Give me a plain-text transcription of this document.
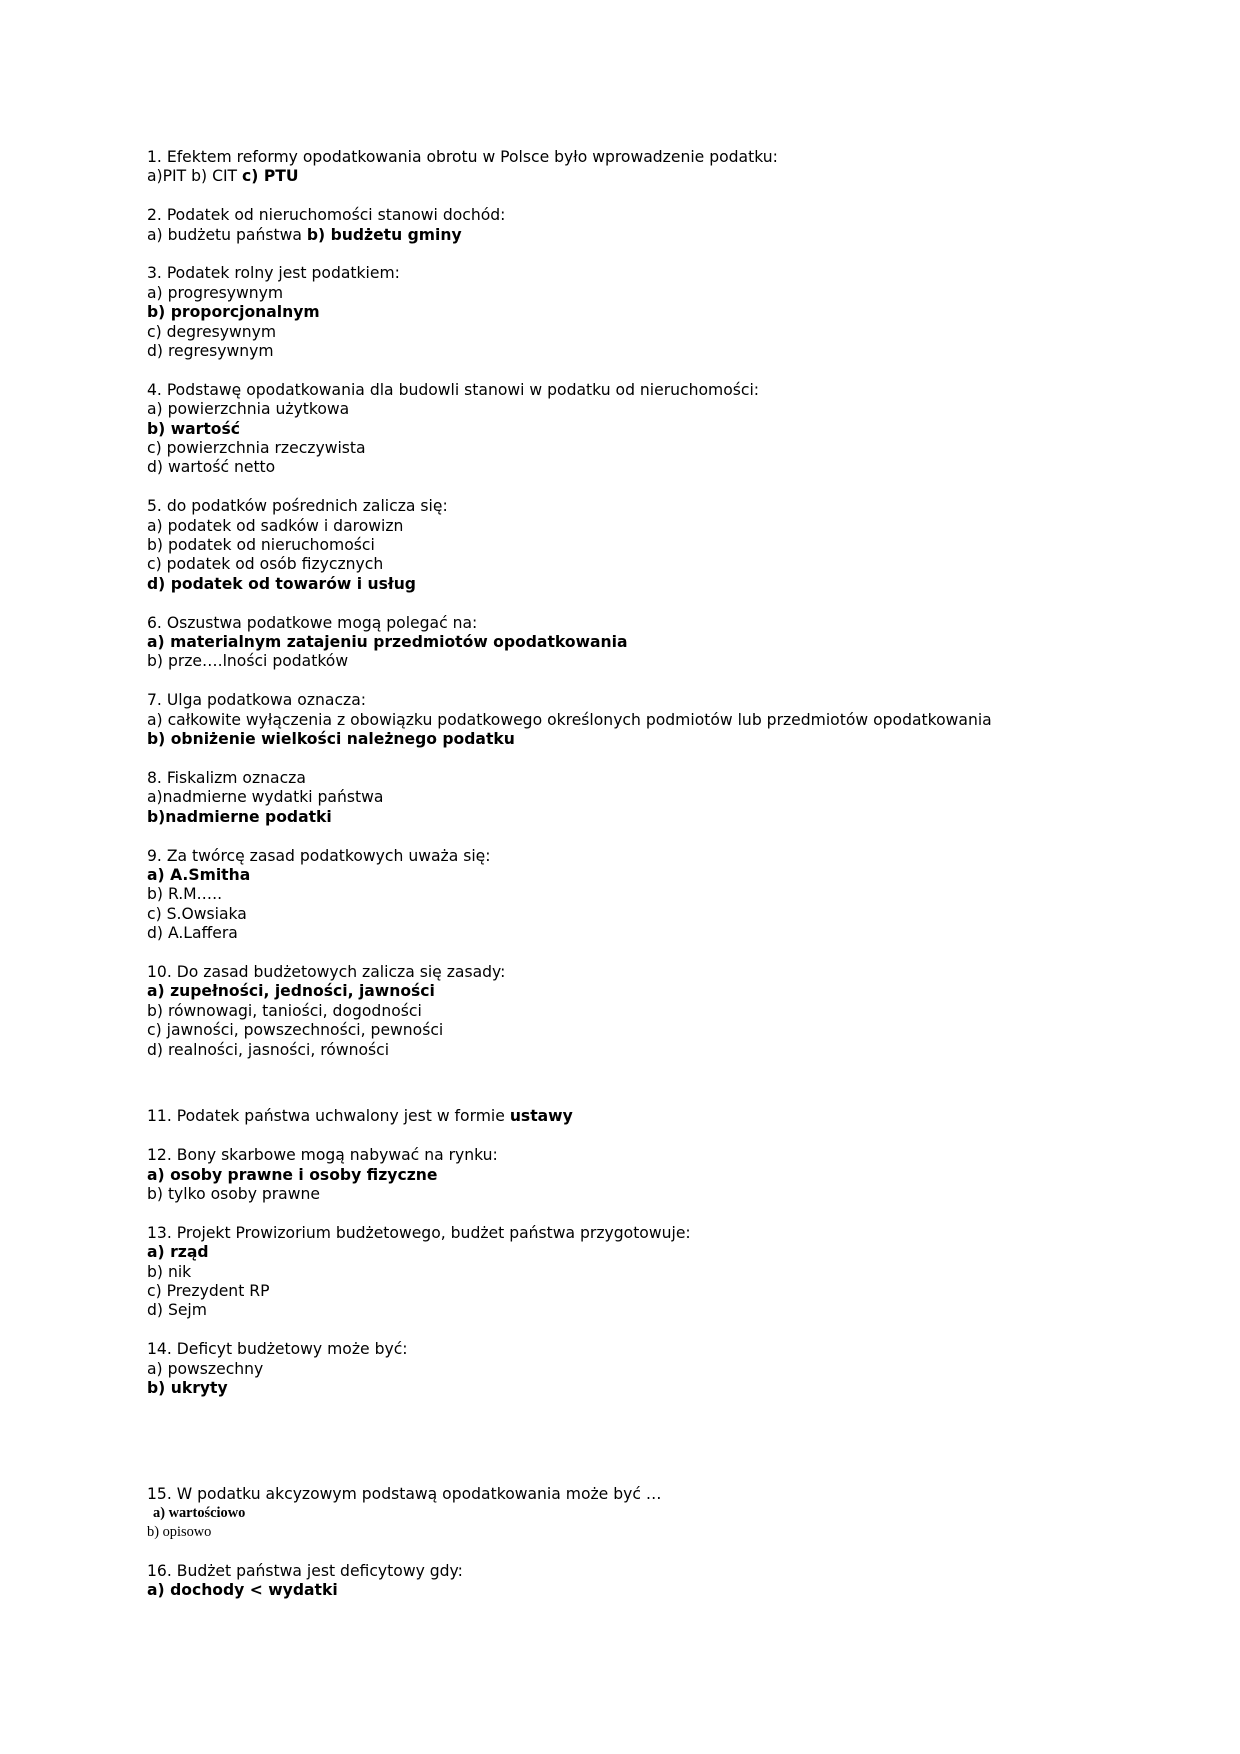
1. Efektem reformy opodatkowania obrotu w Polsce było wprowadzenie podatku:

a)PIT b) CIT c) PTU

2. Podatek od nieruchomości stanowi dochód:

a) budżetu państwa b) budżetu gminy

3. Podatek rolny jest podatkiem:

a) progresywnym

b) proporcjonalnym

c) degresywnym

d) regresywnym

4. Podstawę opodatkowania dla budowli stanowi w podatku od nieruchomości:

a) powierzchnia użytkowa

b) wartość

c) powierzchnia rzeczywista

d) wartość netto

5. do podatków pośrednich zalicza się:

a) podatek od sadków i darowizn

b) podatek od nieruchomości

c) podatek od osób fizycznych

d) podatek od towarów i usług

6. Oszustwa podatkowe mogą polegać na:

a) materialnym zatajeniu przedmiotów opodatkowania

b) prze….lności podatków

7. Ulga podatkowa oznacza:

a) całkowite wyłączenia z obowiązku podatkowego określonych podmiotów lub przedmiotów opodatkowania

b) obniżenie wielkości należnego podatku

8. Fiskalizm oznacza

a)nadmierne wydatki państwa

b)nadmierne podatki

9. Za twórcę zasad podatkowych uważa się:

a) A.Smitha

b) R.M.….

c) S.Owsiaka

d) A.Laffera

10. Do zasad budżetowych zalicza się zasady:

a) zupełności, jedności, jawności

b) równowagi, taniości, dogodności

c) jawności, powszechności, pewności

d) realności, jasności, równości

11. Podatek państwa uchwalony jest w formie ustawy

12. Bony skarbowe mogą nabywać na rynku:

a) osoby prawne i osoby fizyczne

b) tylko osoby prawne

13. Projekt Prowizorium budżetowego, budżet państwa przygotowuje:

a) rząd

b) nik

c) Prezydent RP

d) Sejm

14. Deficyt budżetowy może być:

a) powszechny

b) ukryty

15. W podatku akcyzowym podstawą opodatkowania może być …

a) wartościowo

b) opisowo

16. Budżet państwa jest deficytowy gdy:

a) dochody < wydatki
